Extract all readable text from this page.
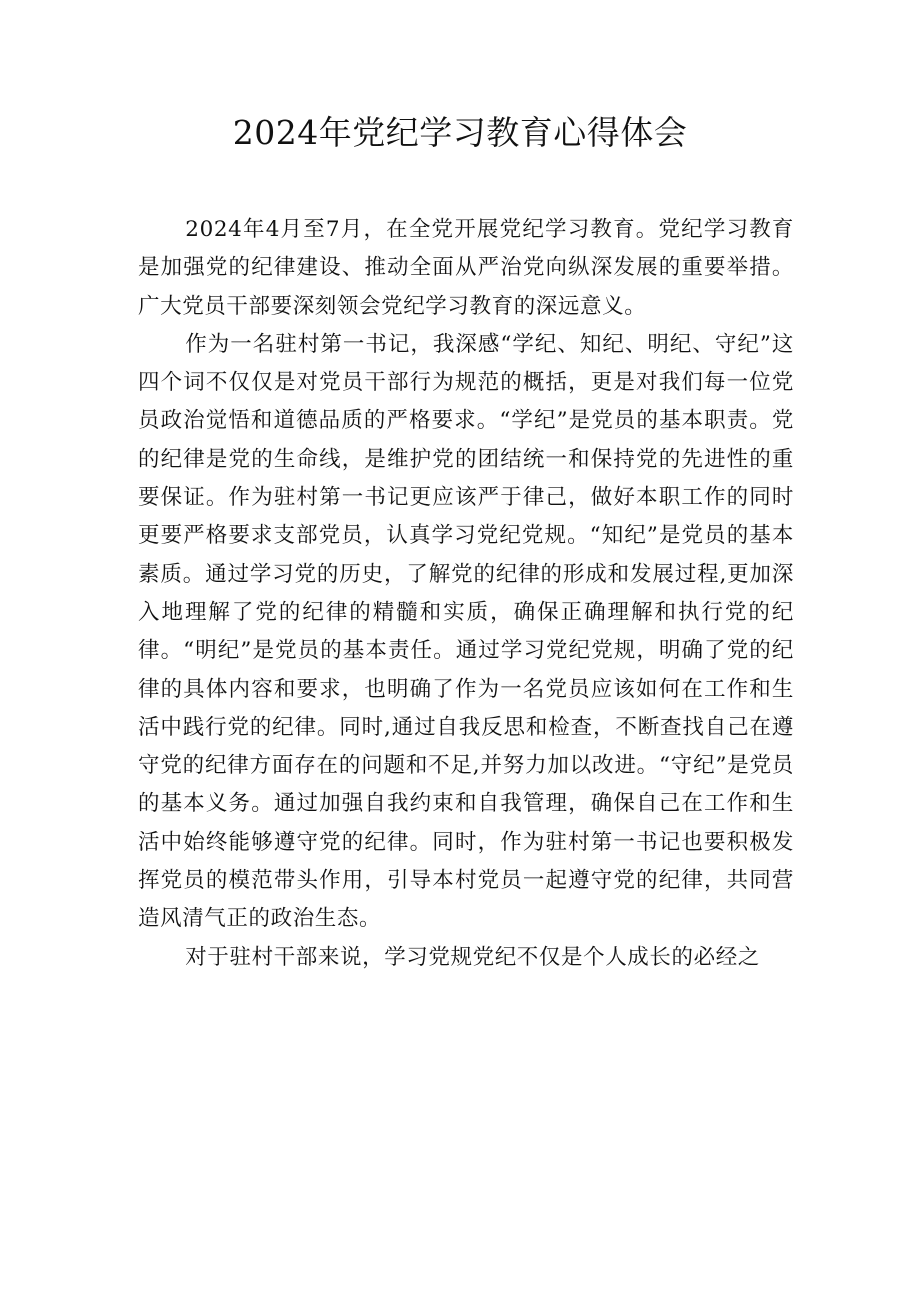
2024年党纪学习教育心得体会

2024年4月至7月，在全党开展党纪学习教育。党纪学习教育是加强党的纪律建设、推动全面从严治党向纵深发展的重要举措。广大党员干部要深刻领会党纪学习教育的深远意义。

作为一名驻村第一书记，我深感“学纪、知纪、明纪、守纪”这四个词不仅仅是对党员干部行为规范的概括，更是对我们每一位党员政治觉悟和道德品质的严格要求。“学纪”是党员的基本职责。党的纪律是党的生命线，是维护党的团结统一和保持党的先进性的重要保证。作为驻村第一书记更应该严于律己，做好本职工作的同时更要严格要求支部党员，认真学习党纪党规。“知纪”是党员的基本素质。通过学习党的历史，了解党的纪律的形成和发展过程,更加深入地理解了党的纪律的精髓和实质，确保正确理解和执行党的纪律。“明纪”是党员的基本责任。通过学习党纪党规，明确了党的纪律的具体内容和要求，也明确了作为一名党员应该如何在工作和生活中践行党的纪律。同时,通过自我反思和检查，不断查找自己在遵守党的纪律方面存在的问题和不足,并努力加以改进。“守纪”是党员的基本义务。通过加强自我约束和自我管理，确保自己在工作和生活中始终能够遵守党的纪律。同时，作为驻村第一书记也要积极发挥党员的模范带头作用，引导本村党员一起遵守党的纪律，共同营造风清气正的政治生态。

对于驻村干部来说，学习党规党纪不仅是个人成长的必经之
